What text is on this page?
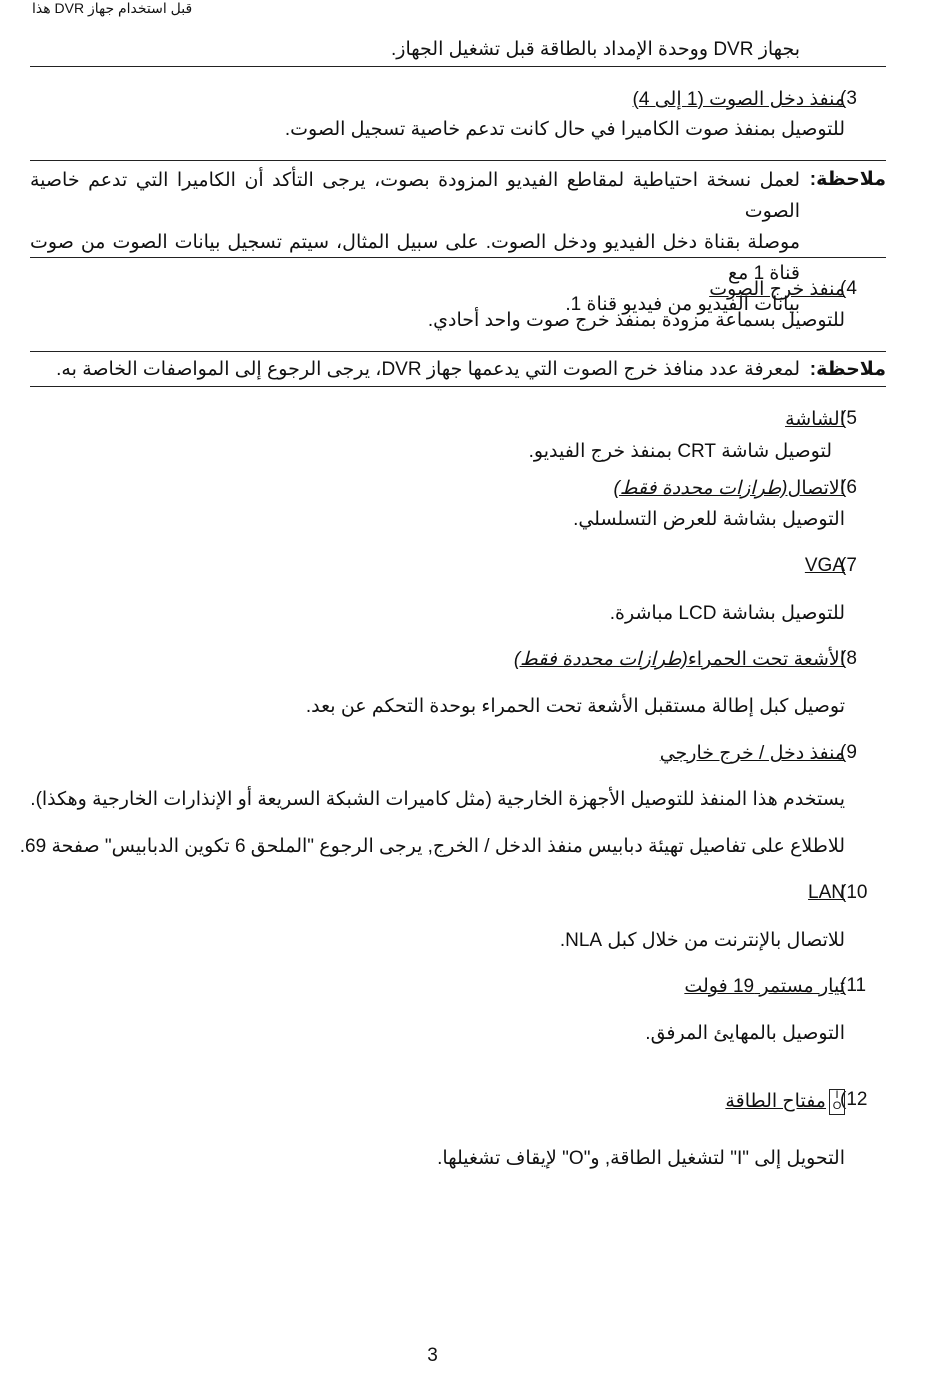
قبل استخدام جهاز DVR هذا
بجهاز DVR ووحدة الإمداد بالطاقة قبل تشغيل الجهاز.
(3
منفذ دخل الصوت (1 إلى 4)
للتوصيل بمنفذ صوت الكاميرا في حال كانت تدعم خاصية تسجيل الصوت.
ملاحظة:
لعمل نسخة احتياطية لمقاطع الفيديو المزودة بصوت، يرجى التأكد أن الكاميرا التي تدعم خاصية الصوت
موصلة بقناة دخل الفيديو ودخل الصوت. على سبيل المثال، سيتم تسجيل بيانات الصوت من صوت قناة 1 مع
بيانات الفيديو من فيديو قناة 1.
(4
منفذ خرج الصوت
للتوصيل بسماعة مزودة بمنفذ خرج صوت واحد أحادي.
ملاحظة:
لمعرفة عدد منافذ خرج الصوت التي يدعمها جهاز DVR، يرجى الرجوع إلى المواصفات الخاصة به.
(5
الشاشة
لتوصيل شاشة CRT بمنفذ خرج الفيديو.
(6
الاتصال(طرازات محددة فقط)
التوصيل بشاشة للعرض التسلسلي.
(7
VGA
للتوصيل بشاشة LCD مباشرة.
(8
الأشعة تحت الحمراء(طرازات محددة فقط)
توصيل كبل إطالة مستقبل الأشعة تحت الحمراء بوحدة التحكم عن بعد.
(9
منفذ دخل / خرج خارجي
يستخدم هذا المنفذ للتوصيل الأجهزة الخارجية (مثل كاميرات الشبكة السريعة أو الإنذارات الخارجية وهكذا).
للاطلاع على تفاصيل تهيئة دبابيس منفذ الدخل / الخرج, يرجى الرجوع "الملحق 6 تكوين الدبابيس" صفحة 69.
(10
LAN
للاتصال بالإنترنت من خلال كبل NLA.
(11
تيار مستمر 19 فولت
التوصيل بالمهايئ المرفق.
(12
I
Oمفتاح الطاقة
التحويل إلى "I" لتشغيل الطاقة, و"O" لإيقاف تشغيلها.
3
